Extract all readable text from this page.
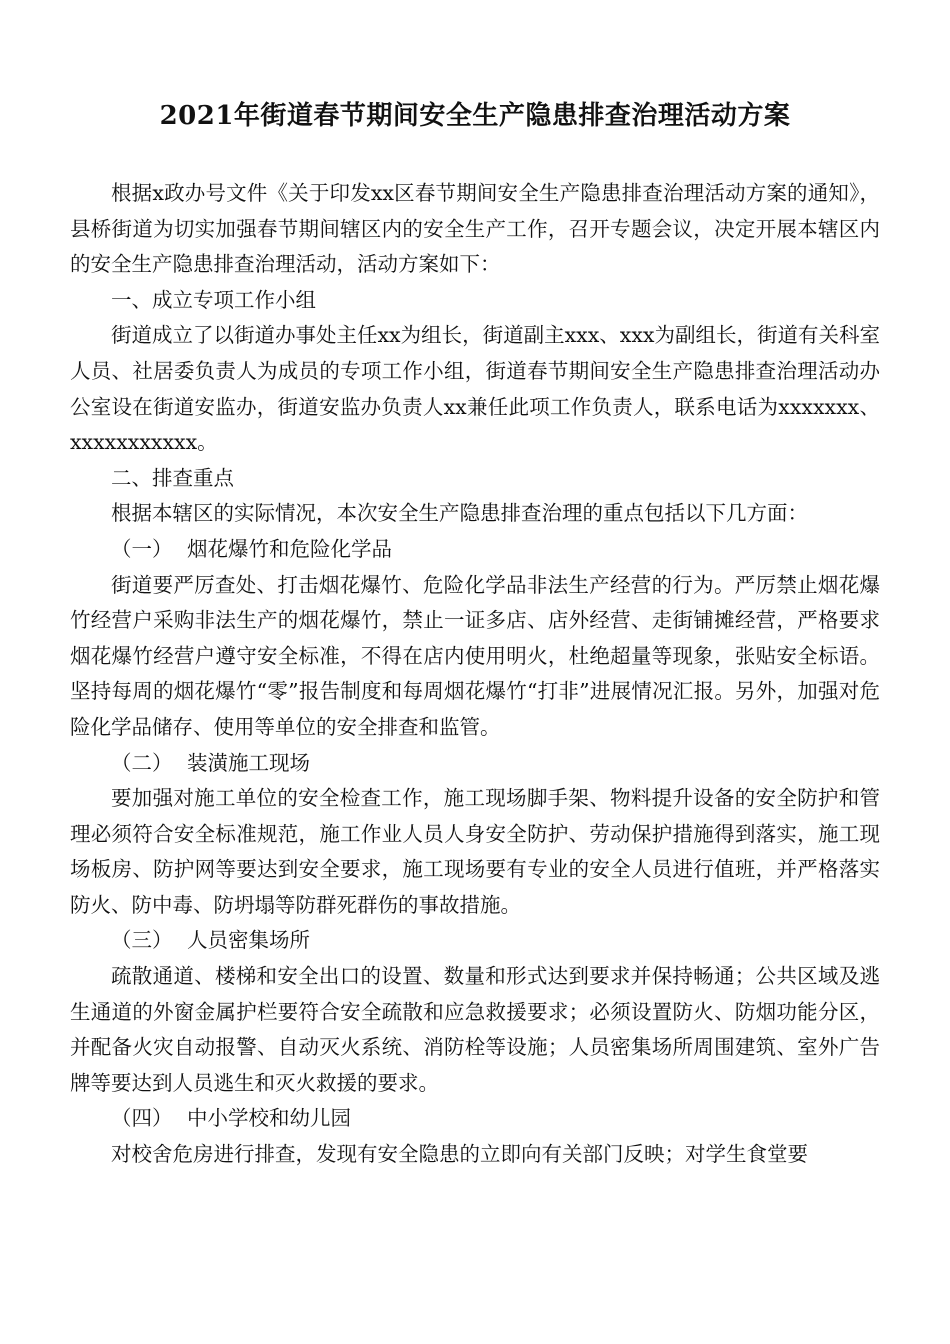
2021年街道春节期间安全生产隐患排查治理活动方案

根据x政办号文件《关于印发xx区春节期间安全生产隐患排查治理活动方案的通知》，县桥街道为切实加强春节期间辖区内的安全生产工作，召开专题会议，决定开展本辖区内的安全生产隐患排查治理活动，活动方案如下：

一、成立专项工作小组

街道成立了以街道办事处主任xx为组长，街道副主xxx、xxx为副组长，街道有关科室人员、社居委负责人为成员的专项工作小组，街道春节期间安全生产隐患排查治理活动办公室设在街道安监办，街道安监办负责人xx兼任此项工作负责人，联系电话为xxxxxxx、xxxxxxxxxxx。

二、排查重点

根据本辖区的实际情况，本次安全生产隐患排查治理的重点包括以下几方面：

（一） 烟花爆竹和危险化学品

街道要严厉查处、打击烟花爆竹、危险化学品非法生产经营的行为。严厉禁止烟花爆竹经营户采购非法生产的烟花爆竹，禁止一证多店、店外经营、走街铺摊经营，严格要求烟花爆竹经营户遵守安全标准，不得在店内使用明火，杜绝超量等现象，张贴安全标语。坚持每周的烟花爆竹“零”报告制度和每周烟花爆竹“打非”进展情况汇报。另外，加强对危险化学品储存、使用等单位的安全排查和监管。

（二） 装潢施工现场

要加强对施工单位的安全检查工作，施工现场脚手架、物料提升设备的安全防护和管理必须符合安全标准规范，施工作业人员人身安全防护、劳动保护措施得到落实，施工现场板房、防护网等要达到安全要求，施工现场要有专业的安全人员进行值班，并严格落实防火、防中毒、防坍塌等防群死群伤的事故措施。

（三） 人员密集场所

疏散通道、楼梯和安全出口的设置、数量和形式达到要求并保持畅通；公共区域及逃生通道的外窗金属护栏要符合安全疏散和应急救援要求；必须设置防火、防烟功能分区，并配备火灾自动报警、自动灭火系统、消防栓等设施；人员密集场所周围建筑、室外广告牌等要达到人员逃生和灭火救援的要求。

（四） 中小学校和幼儿园

对校舍危房进行排查，发现有安全隐患的立即向有关部门反映；对学生食堂要
